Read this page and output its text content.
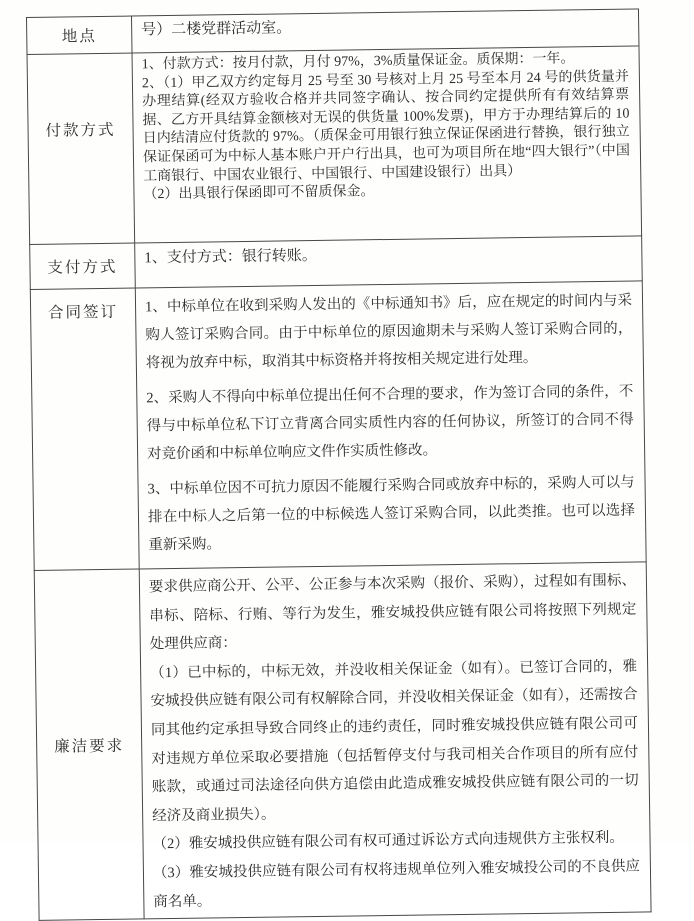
地点	号）二楼党群活动室。

付款方式	1、付款方式：按月付款，月付 97%，3%质量保证金。质保期：一年。

2、（1）甲乙双方约定每月 25 号至 30 号核对上月 25 号至本月 24 号的供货量并办理结算(经双方验收合格并共同签字确认、按合同约定提供所有有效结算票据、乙方开具结算金额核对无误的供货量 100%发票)，甲方于办理结算后的 10 日内结清应付货款的 97%。（质保金可用银行独立保证保函进行替换，银行独立保证保函可为中标人基本账户开户行出具，也可为项目所在地“四大银行”（中国工商银行、中国农业银行、中国银行、中国建设银行）出具）

（2）出具银行保函即可不留质保金。

支付方式	1、支付方式：银行转账。

合同签订	1、中标单位在收到采购人发出的《中标通知书》后，应在规定的时间内与采购人签订采购合同。由于中标单位的原因逾期未与采购人签订采购合同的，将视为放弃中标，取消其中标资格并将按相关规定进行处理。

2、采购人不得向中标单位提出任何不合理的要求，作为签订合同的条件，不得与中标单位私下订立背离合同实质性内容的任何协议，所签订的合同不得对竞价函和中标单位响应文件作实质性修改。

3、中标单位因不可抗力原因不能履行采购合同或放弃中标的，采购人可以与排在中标人之后第一位的中标候选人签订采购合同，以此类推。也可以选择重新采购。

廉洁要求	要求供应商公开、公平、公正参与本次采购（报价、采购），过程如有围标、串标、陪标、行贿、等行为发生，雅安城投供应链有限公司将按照下列规定处理供应商：

（1）已中标的，中标无效，并没收相关保证金（如有）。已签订合同的，雅安城投供应链有限公司有权解除合同，并没收相关保证金（如有），还需按合同其他约定承担导致合同终止的违约责任，同时雅安城投供应链有限公司可对违规方单位采取必要措施（包括暂停支付与我司相关合作项目的所有应付账款，或通过司法途径向供方追偿由此造成雅安城投供应链有限公司的一切经济及商业损失）。

（2）雅安城投供应链有限公司有权可通过诉讼方式向违规供方主张权利。

（3）雅安城投供应链有限公司有权将违规单位列入雅安城投公司的不良供应商名单。
